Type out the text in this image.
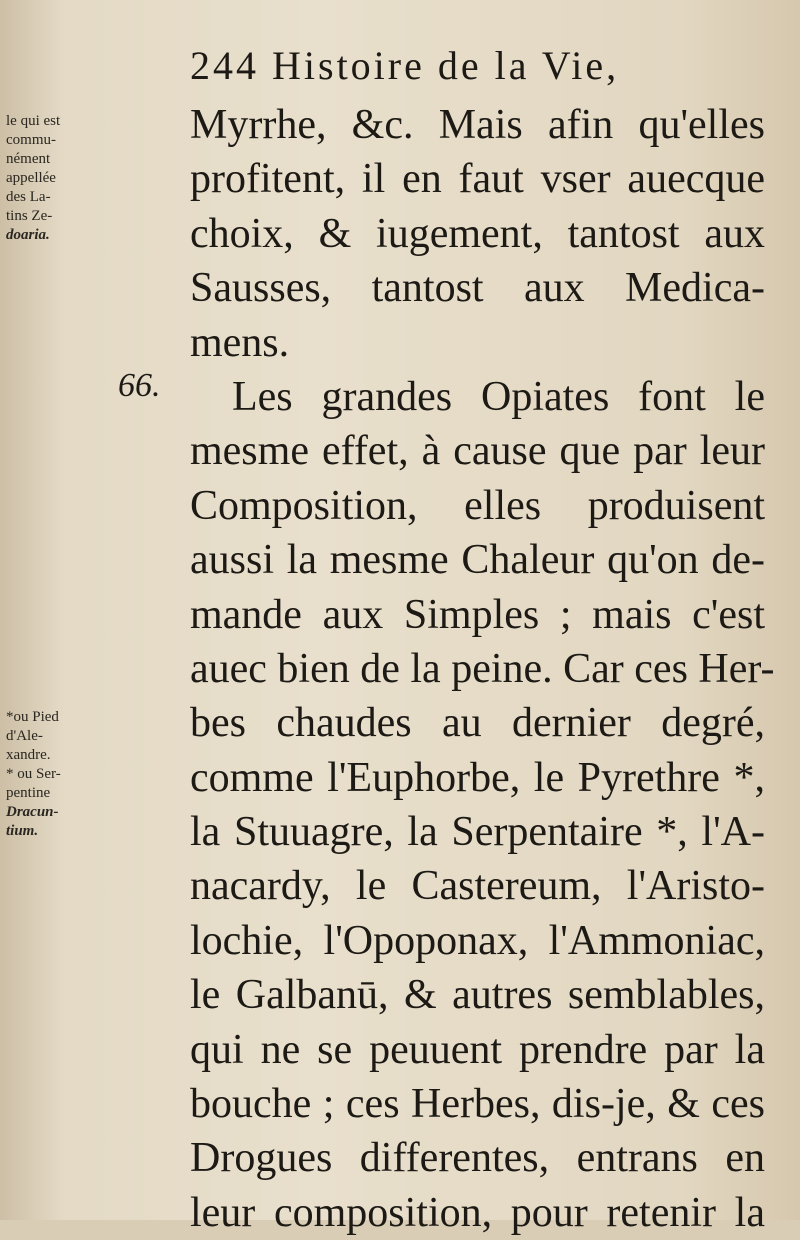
244 Histoire de la Vie,
le qui est
commu-
nément
appellée
des La-
tins Ze-
doaria.
66.
*ou Pied
d'Ale-
xandre.
* ou Ser-
pentine
Dracun-
tium.
Myrrhe, &c. Mais afin qu'elles
profitent, il en faut vser auecque
choix, & iugement, tantost aux
Sausses, tantost aux Medica-
mens.
Les grandes Opiates font le
mesme effet, à cause que par leur
Composition, elles produisent
aussi la mesme Chaleur qu'on de-
mande aux Simples ; mais c'est
auec bien de la peine. Car ces Her-
bes chaudes au dernier degré,
comme l'Euphorbe, le Pyrethre *,
la Stuuagre, la Serpentaire *, l'A-
nacardy, le Castereum, l'Aristo-
lochie, l'Opoponax, l'Ammoniac,
le Galbanū, & autres semblables,
qui ne se peuuent prendre par la
bouche ; ces Herbes, dis-je, & ces
Drogues differentes, entrans en
leur composition, pour retenir la
